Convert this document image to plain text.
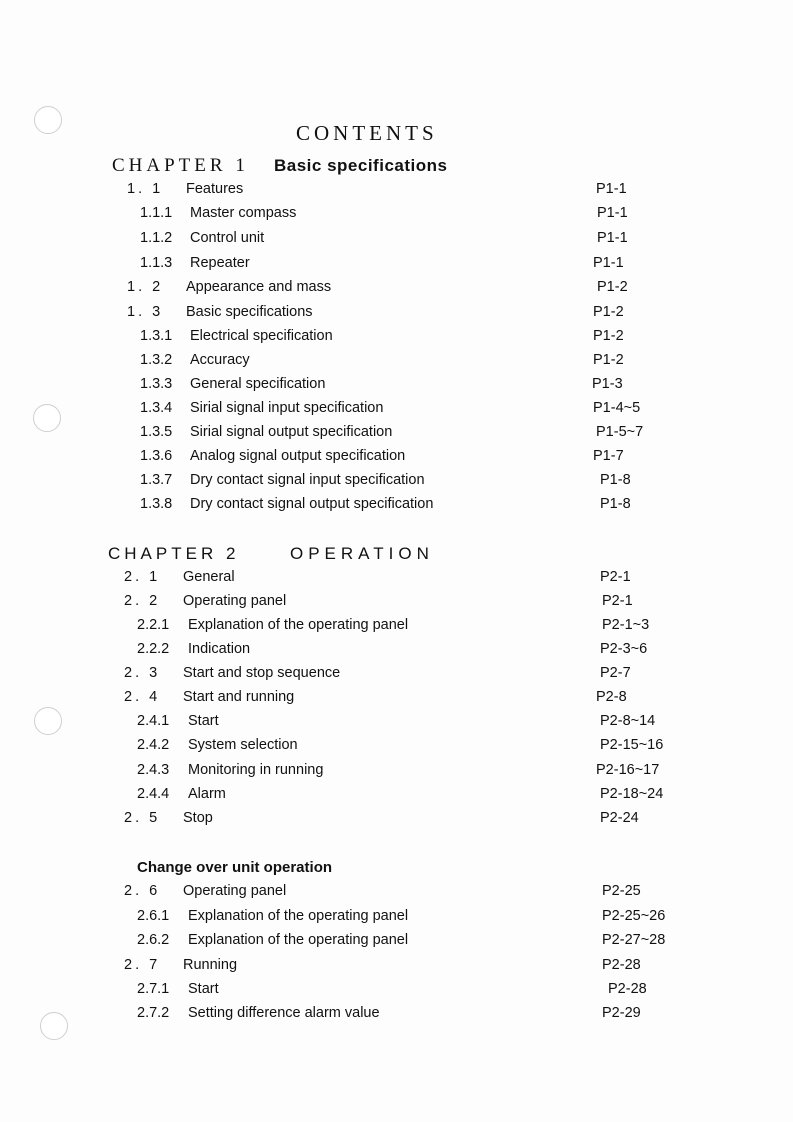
CONTENTS
CHAPTER 1 Basic specifications
1. 1 Features	P1-1
1.1.1 Master compass	P1-1
1.1.2 Control unit	P1-1
1.1.3 Repeater	P1-1
1. 2 Appearance and mass	P1-2
1. 3 Basic specifications	P1-2
1.3.1 Electrical specification	P1-2
1.3.2 Accuracy	P1-2
1.3.3 General specification	P1-3
1.3.4 Sirial signal input specification	P1-4~5
1.3.5 Sirial signal output specification	P1-5~7
1.3.6 Analog signal output specification	P1-7
1.3.7 Dry contact signal input specification	P1-8
1.3.8 Dry contact signal output specification	P1-8
CHAPTER 2	OPERATION
2. 1 General	P2-1
2. 2 Operating panel	P2-1
2.2.1 Explanation of the operating panel	P2-1~3
2.2.2 Indication	P2-3~6
2. 3 Start and stop sequence	P2-7
2. 4 Start and running	P2-8
2.4.1 Start	P2-8~14
2.4.2 System selection	P2-15~16
2.4.3 Monitoring in running	P2-16~17
2.4.4 Alarm	P2-18~24
2. 5 Stop	P2-24
Change over unit operation
2. 6 Operating panel	P2-25
2.6.1 Explanation of the operating panel	P2-25~26
2.6.2 Explanation of the operating panel	P2-27~28
2. 7 Running	P2-28
2.7.1 Start	P2-28
2.7.2 Setting difference alarm value	P2-29
